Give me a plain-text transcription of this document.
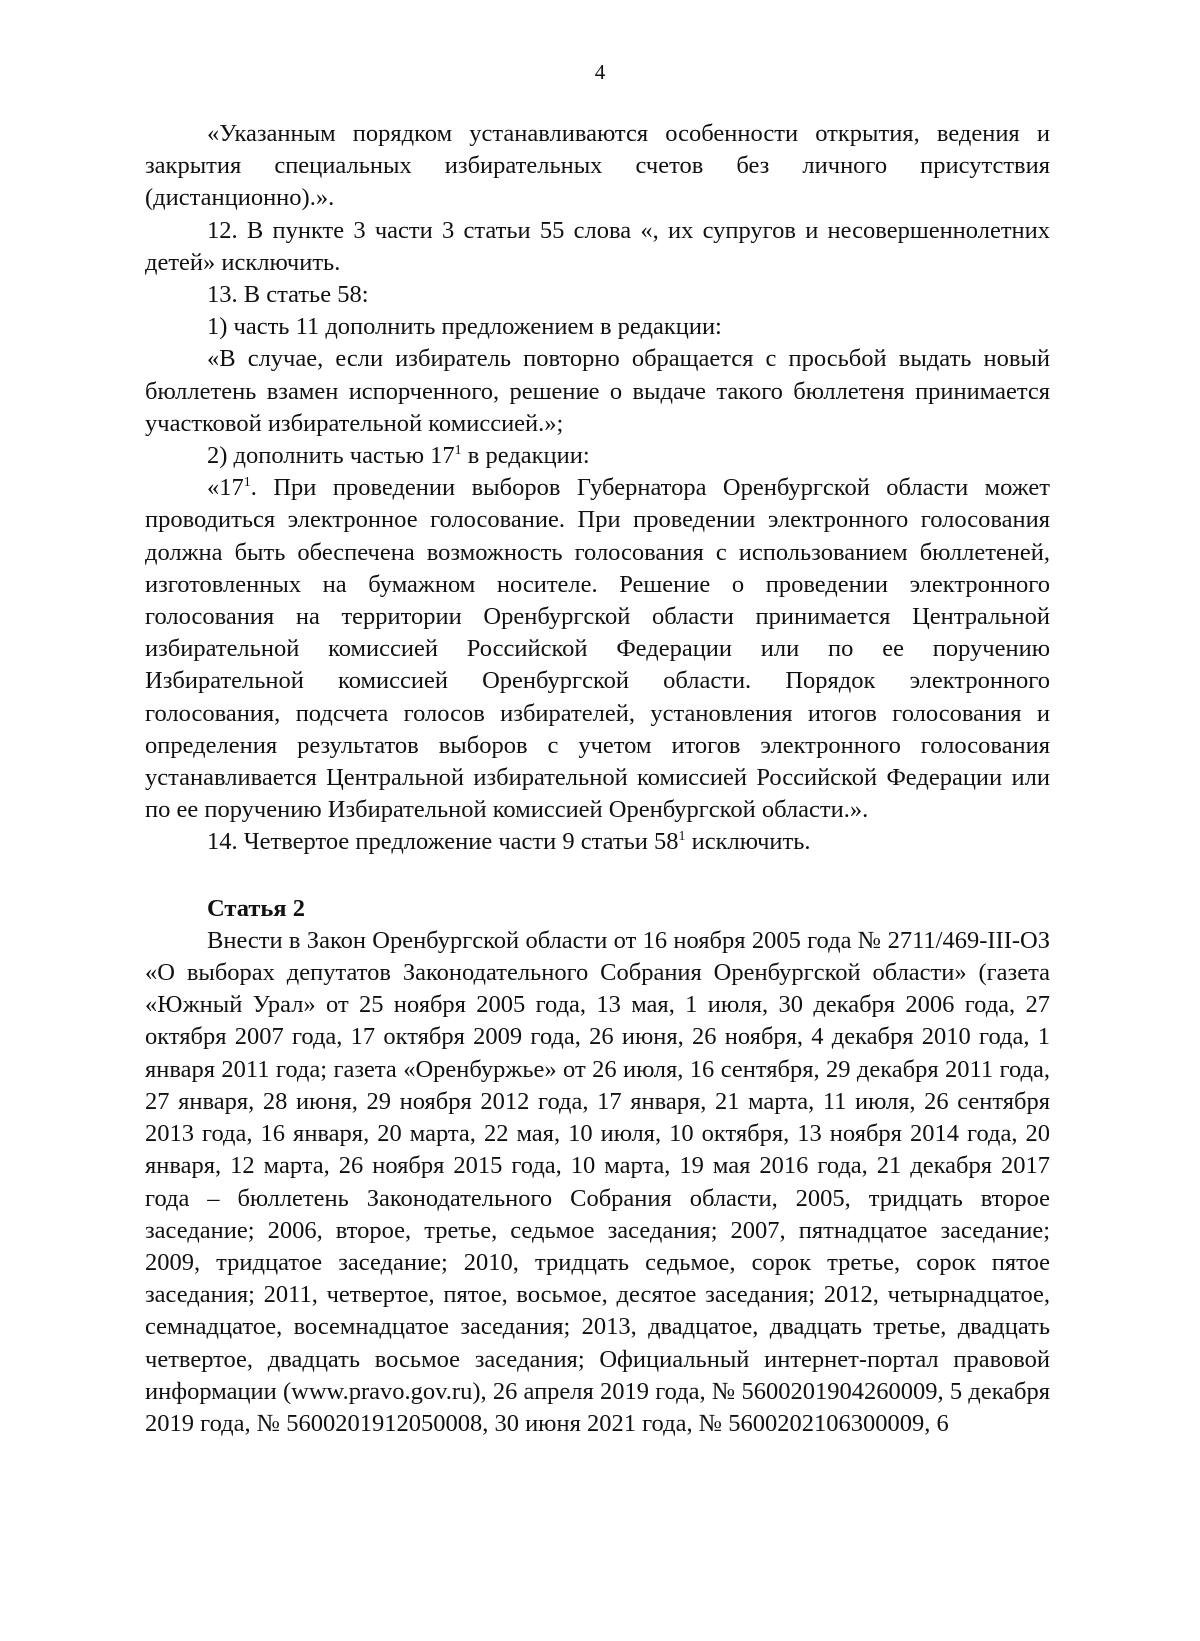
4

«Указанным порядком устанавливаются особенности открытия, ведения и закрытия специальных избирательных счетов без личного присутствия (дистанционно).».

12. В пункте 3 части 3 статьи 55 слова «, их супругов и несовершеннолетних детей» исключить.

13. В статье 58:

1) часть 11 дополнить предложением в редакции:

«В случае, если избиратель повторно обращается с просьбой выдать новый бюллетень взамен испорченного, решение о выдаче такого бюллетеня принимается участковой избирательной комиссией.»;

2) дополнить частью $17^1$ в редакции:

«$17^1$. При проведении выборов Губернатора Оренбургской области может проводиться электронное голосование. При проведении электронного голосования должна быть обеспечена возможность голосования с использованием бюллетеней, изготовленных на бумажном носителе. Решение о проведении электронного голосования на территории Оренбургской области принимается Центральной избирательной комиссией Российской Федерации или по ее поручению Избирательной комиссией Оренбургской области. Порядок электронного голосования, подсчета голосов избирателей, установления итогов голосования и определения результатов выборов с учетом итогов электронного голосования устанавливается Центральной избирательной комиссией Российской Федерации или по ее поручению Избирательной комиссией Оренбургской области.».

14. Четвертое предложение части 9 статьи $58^1$ исключить.

Статья 2

Внести в Закон Оренбургской области от 16 ноября 2005 года № 2711/469-III-ОЗ «О выборах депутатов Законодательного Собрания Оренбургской области» (газета «Южный Урал» от 25 ноября 2005 года, 13 мая, 1 июля, 30 декабря 2006 года, 27 октября 2007 года, 17 октября 2009 года, 26 июня, 26 ноября, 4 декабря 2010 года, 1 января 2011 года; газета «Оренбуржье» от 26 июля, 16 сентября, 29 декабря 2011 года, 27 января, 28 июня, 29 ноября 2012 года, 17 января, 21 марта, 11 июля, 26 сентября 2013 года, 16 января, 20 марта, 22 мая, 10 июля, 10 октября, 13 ноября 2014 года, 20 января, 12 марта, 26 ноября 2015 года, 10 марта, 19 мая 2016 года, 21 декабря 2017 года – бюллетень Законодательного Собрания области, 2005, тридцать второе заседание; 2006, второе, третье, седьмое заседания; 2007, пятнадцатое заседание; 2009, тридцатое заседание; 2010, тридцать седьмое, сорок третье, сорок пятое заседания; 2011, четвертое, пятое, восьмое, десятое заседания; 2012, четырнадцатое, семнадцатое, восемнадцатое заседания; 2013, двадцатое, двадцать третье, двадцать четвертое, двадцать восьмое заседания; Официальный интернет-портал правовой информации (www.pravo.gov.ru), 26 апреля 2019 года, № 5600201904260009, 5 декабря 2019 года, № 5600201912050008, 30 июня 2021 года, № 5600202106300009, 6
